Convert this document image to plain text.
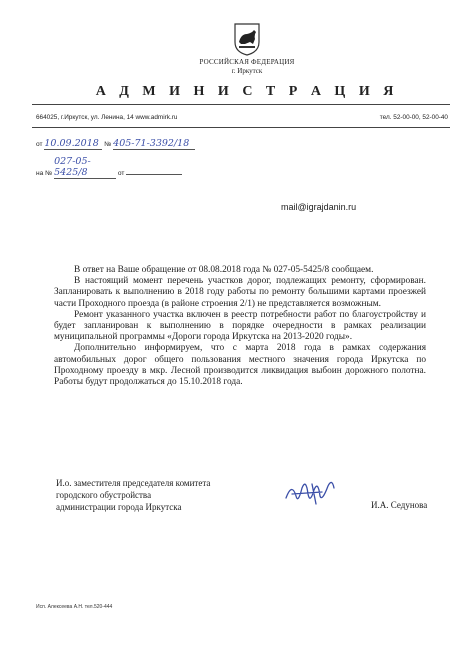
РОССИЙСКАЯ ФЕДЕРАЦИЯ
г. Иркутск
А Д М И Н И С Т Р А Ц И Я
664025, г.Иркутск, ул. Ленина, 14 www.admirk.ru	тел. 52-00-00, 52-00-40
от 10.09.2018 № 405-71-3392/18
на № 027-05-5425/8	от
mail@igrajdanin.ru

В ответ на Ваше обращение от 08.08.2018 года № 027-05-5425/8 сообщаем.

В настоящий момент перечень участков дорог, подлежащих ремонту, сформирован. Запланировать к выполнению в 2018 году работы по ремонту большими картами проезжей части Проходного проезда (в районе строения 2/1) не представляется возможным.

Ремонт указанного участка включен в реестр потребности работ по благоустройству и будет запланирован к выполнению в порядке очередности в рамках реализации муниципальной программы «Дороги города Иркутска на 2013-2020 годы».

Дополнительно информируем, что с марта 2018 года в рамках содержания автомобильных дорог общего пользования местного значения города Иркутска по Проходному проезду в мкр. Лесной производится ликвидация выбоин дорожного полотна. Работы будут продолжаться до 15.10.2018 года.

И.о. заместителя председателя комитета
городского обустройства
администрации города Иркутска	И.А. Седунова
Исп. Алексеева А.Н. тел.520-444
